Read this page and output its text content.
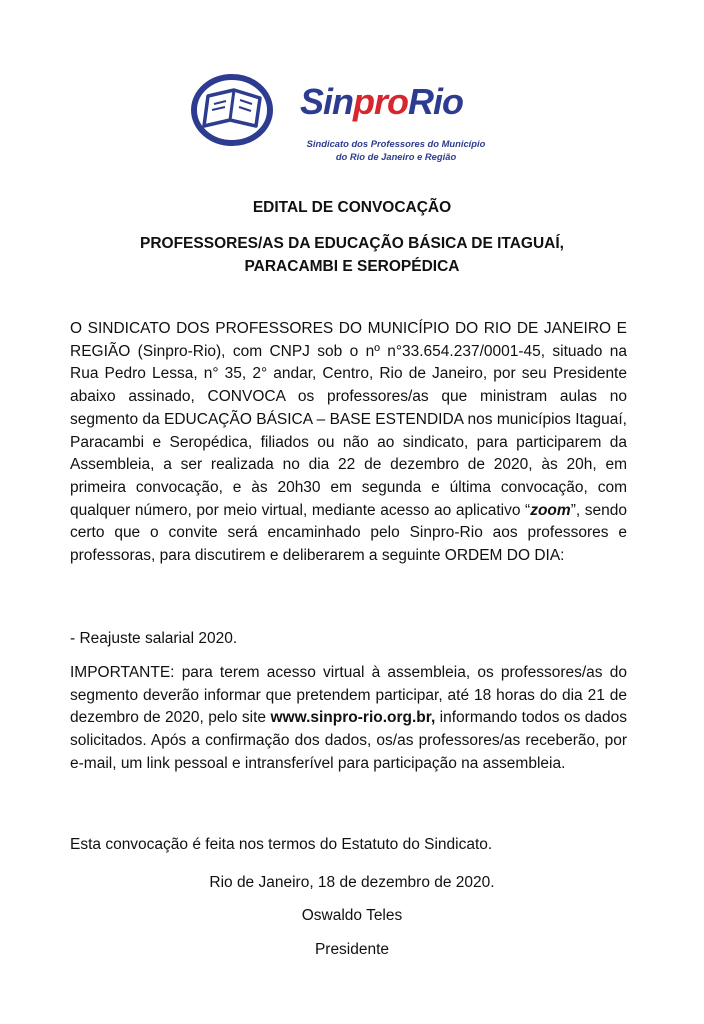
SinproRio
Sindicato dos Professores do Município
do Rio de Janeiro e Região
EDITAL DE CONVOCAÇÃO
PROFESSORES/AS DA EDUCAÇÃO BÁSICA DE ITAGUAÍ,
PARACAMBI E SEROPÉDICA
O SINDICATO DOS PROFESSORES DO MUNICÍPIO DO RIO DE JANEIRO E REGIÃO (Sinpro-Rio), com CNPJ sob o nº n°33.654.237/0001-45, situado na Rua Pedro Lessa, n° 35, 2° andar, Centro, Rio de Janeiro, por seu Presidente abaixo assinado, CONVOCA os professores/as que ministram aulas no segmento da EDUCAÇÃO BÁSICA – BASE ESTENDIDA nos municípios Itaguaí, Paracambi e Seropédica, filiados ou não ao sindicato, para participarem da Assembleia, a ser realizada no dia 22 de dezembro de 2020, às 20h, em primeira convocação, e às 20h30 em segunda e última convocação, com qualquer número, por meio virtual, mediante acesso ao aplicativo “zoom”, sendo certo que o convite será encaminhado pelo Sinpro-Rio aos professores e professoras, para discutirem e deliberarem a seguinte ORDEM DO DIA:
- Reajuste salarial 2020.
IMPORTANTE: para terem acesso virtual à assembleia, os professores/as do segmento deverão informar que pretendem participar, até 18 horas do dia 21 de dezembro de 2020, pelo site www.sinpro-rio.org.br, informando todos os dados solicitados. Após a confirmação dos dados, os/as professores/as receberão, por e-mail, um link pessoal e intransferível para participação na assembleia.
Esta convocação é feita nos termos do Estatuto do Sindicato.
Rio de Janeiro, 18 de dezembro de 2020.
Oswaldo Teles
Presidente
